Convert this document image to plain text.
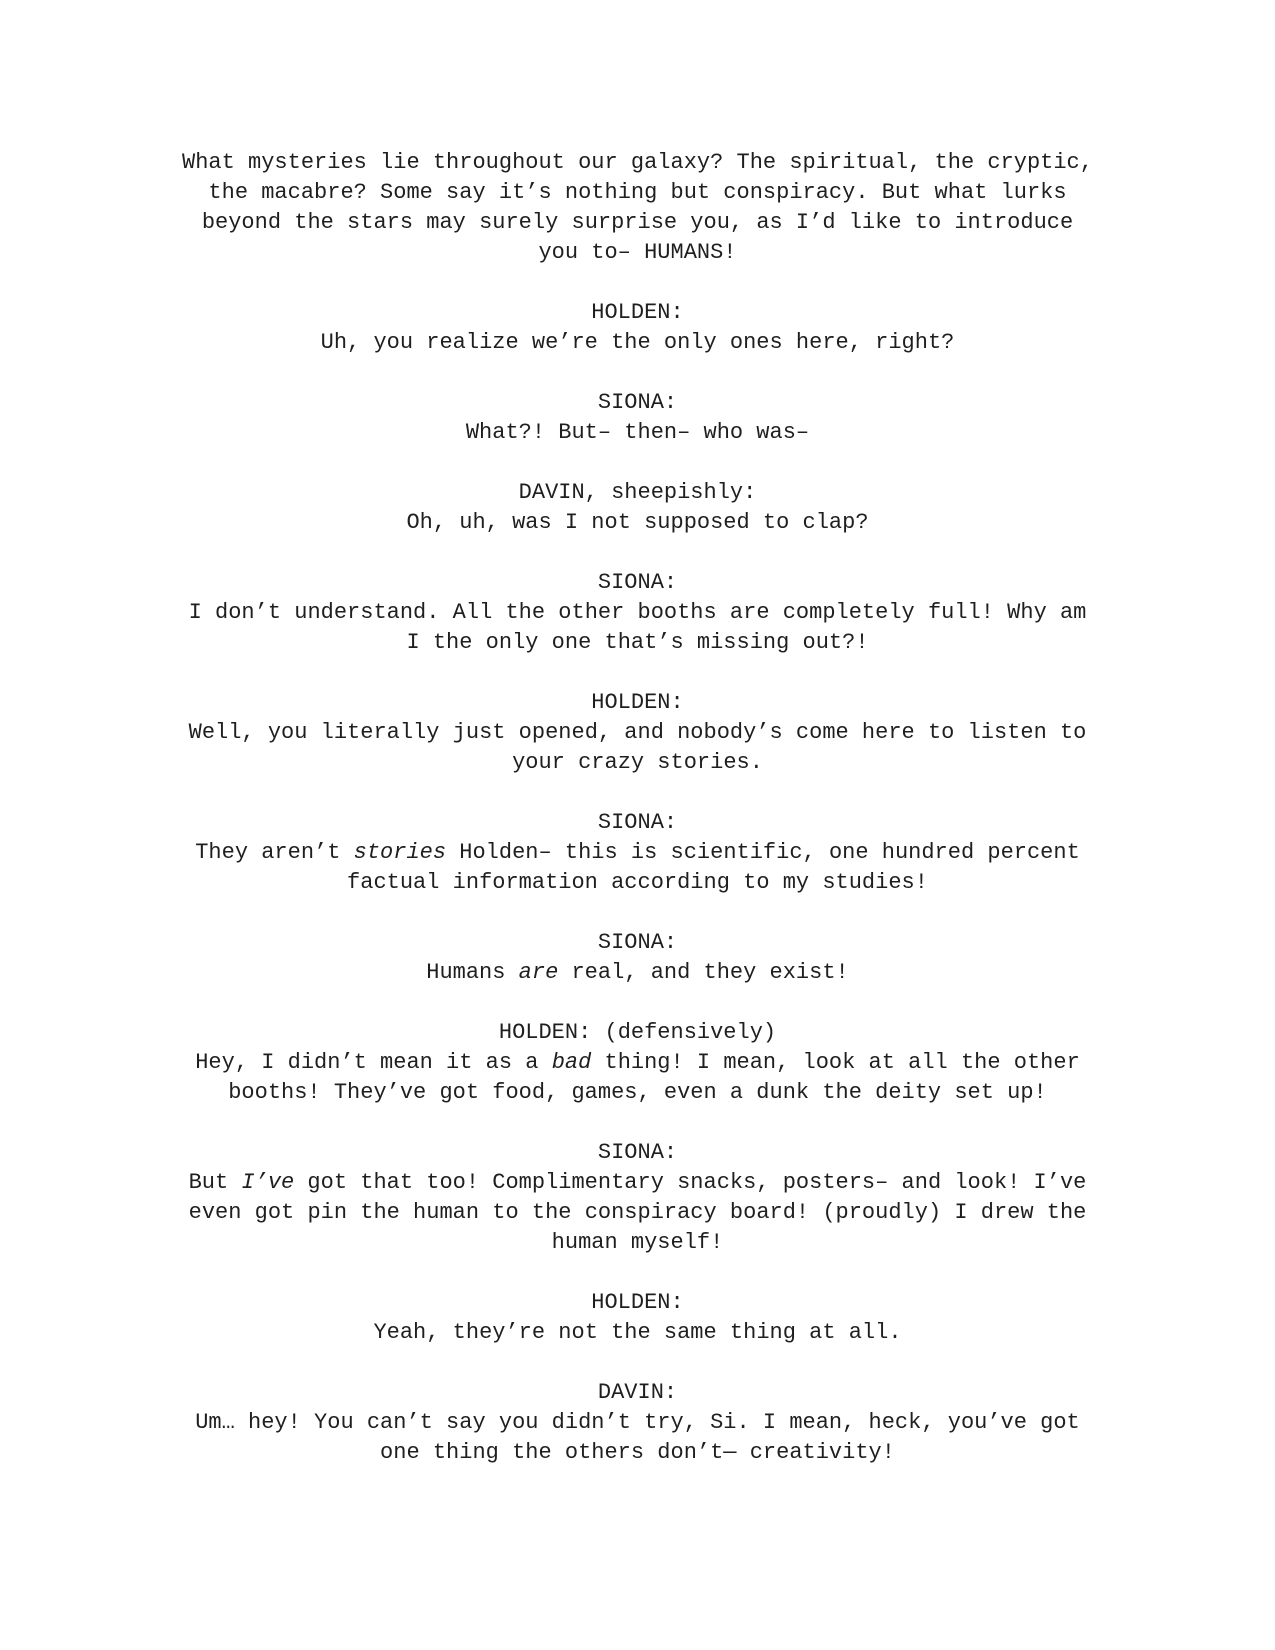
What mysteries lie throughout our galaxy? The spiritual, the cryptic,
the macabre? Some say it’s nothing but conspiracy. But what lurks
beyond the stars may surely surprise you, as I’d like to introduce
you to– HUMANS!
HOLDEN:
Uh, you realize we’re the only ones here, right?
SIONA:
What?! But– then– who was–
DAVIN, sheepishly:
Oh, uh, was I not supposed to clap?
SIONA:
I don’t understand. All the other booths are completely full! Why am
I the only one that’s missing out?!
HOLDEN:
Well, you literally just opened, and nobody’s come here to listen to
your crazy stories.
SIONA:
They aren’t stories Holden– this is scientific, one hundred percent
factual information according to my studies!
SIONA:
Humans are real, and they exist!
HOLDEN: (defensively)
Hey, I didn’t mean it as a bad thing! I mean, look at all the other
booths! They’ve got food, games, even a dunk the deity set up!
SIONA:
But I’ve got that too! Complimentary snacks, posters– and look! I’ve
even got pin the human to the conspiracy board! (proudly) I drew the
human myself!
HOLDEN:
Yeah, they’re not the same thing at all.
DAVIN:
Um… hey! You can’t say you didn’t try, Si. I mean, heck, you’ve got
one thing the others don’t— creativity!
